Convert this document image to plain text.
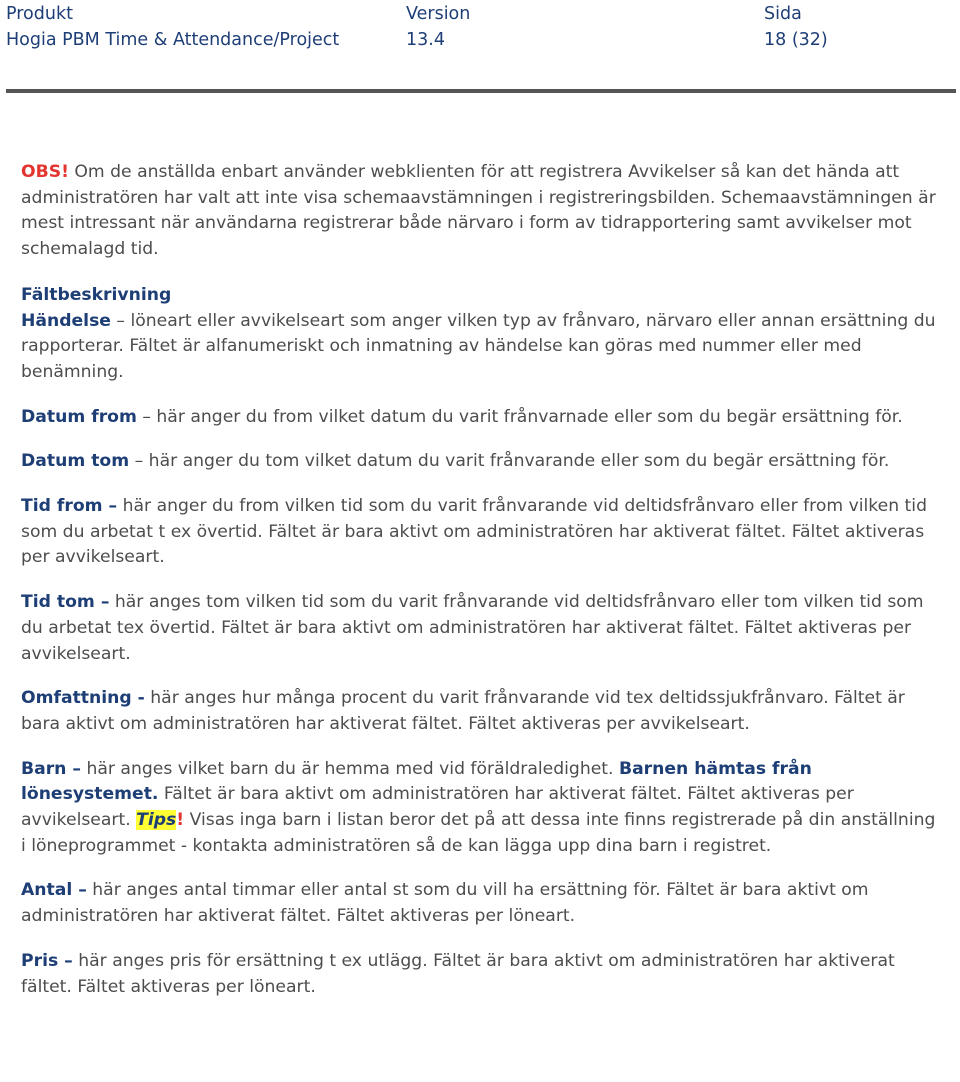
Produkt
Hogia PBM Time & Attendance/Project
Version
13.4
Sida
18 (32)

OBS! Om de anställda enbart använder webklienten för att registrera Avvikelser så kan det hända att administratören har valt att inte visa schemaavstämningen i registreringsbilden. Schemaavstämningen är mest intressant när användarna registrerar både närvaro i form av tidrapportering samt avvikelser mot schemalagd tid.

Fältbeskrivning

Händelse – löneart eller avvikelseart som anger vilken typ av frånvaro, närvaro eller annan ersättning du rapporterar. Fältet är alfanumeriskt och inmatning av händelse kan göras med nummer eller med benämning.

Datum from – här anger du from vilket datum du varit frånvarnade eller som du begär ersättning för.

Datum tom – här anger du tom vilket datum du varit frånvarande eller som du begär ersättning för.

Tid from – här anger du from vilken tid som du varit frånvarande vid deltidsfrånvaro eller from vilken tid som du arbetat t ex övertid. Fältet är bara aktivt om administratören har aktiverat fältet. Fältet aktiveras per avvikelseart.

Tid tom – här anges tom vilken tid som du varit frånvarande vid deltidsfrånvaro eller tom vilken tid som du arbetat tex övertid. Fältet är bara aktivt om administratören har aktiverat fältet. Fältet aktiveras per avvikelseart.

Omfattning - här anges hur många procent du varit frånvarande vid tex deltidssjukfrånvaro. Fältet är bara aktivt om administratören har aktiverat fältet. Fältet aktiveras per avvikelseart.

Barn – här anges vilket barn du är hemma med vid föräldraledighet. Barnen hämtas från lönesystemet. Fältet är bara aktivt om administratören har aktiverat fältet. Fältet aktiveras per avvikelseart. Tips! Visas inga barn i listan beror det på att dessa inte finns registrerade på din anställning i löneprogrammet - kontakta administratören så de kan lägga upp dina barn i registret.

Antal – här anges antal timmar eller antal st som du vill ha ersättning för. Fältet är bara aktivt om administratören har aktiverat fältet. Fältet aktiveras per löneart.

Pris – här anges pris för ersättning t ex utlägg. Fältet är bara aktivt om administratören har aktiverat fältet. Fältet aktiveras per löneart.
